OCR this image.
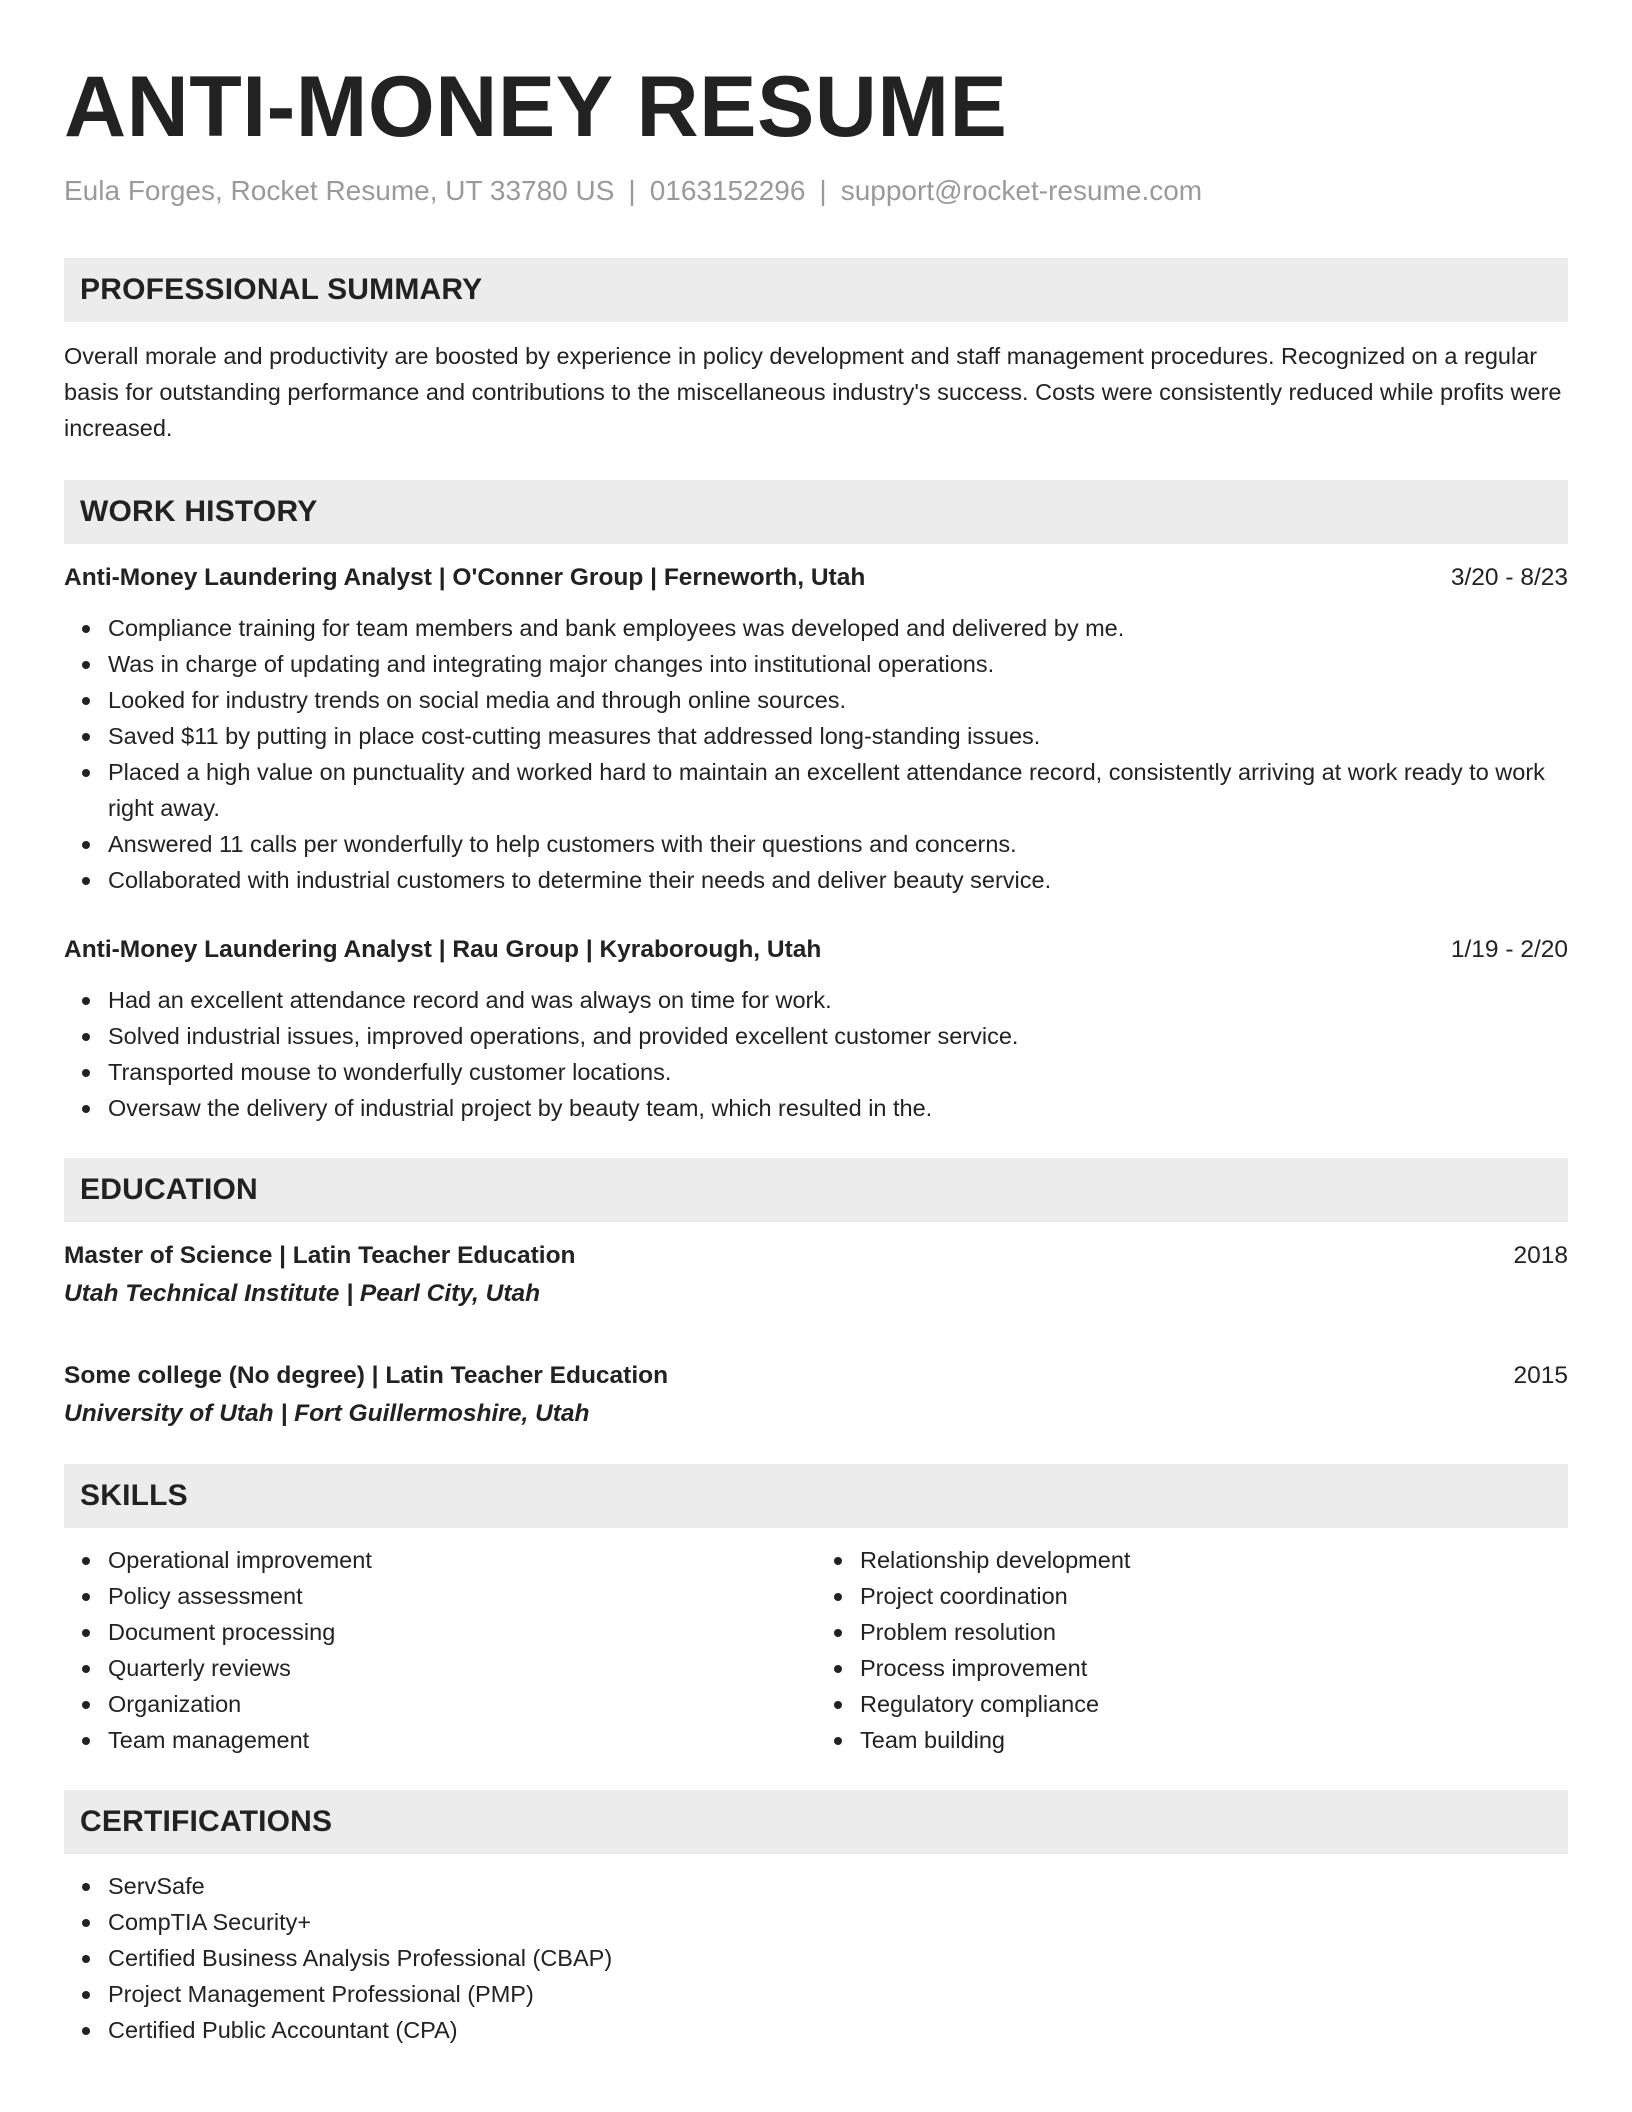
ANTI-MONEY RESUME
Eula Forges, Rocket Resume, UT 33780 US | 0163152296 | support@rocket-resume.com
PROFESSIONAL SUMMARY

Overall morale and productivity are boosted by experience in policy development and staff management procedures. Recognized on a regular basis for outstanding performance and contributions to the miscellaneous industry's success. Costs were consistently reduced while profits were increased.

WORK HISTORY
Anti-Money Laundering Analyst | O'Conner Group | Ferneworth, Utah	3/20 - 8/23
Compliance training for team members and bank employees was developed and delivered by me.
Was in charge of updating and integrating major changes into institutional operations.
Looked for industry trends on social media and through online sources.
Saved $11 by putting in place cost-cutting measures that addressed long-standing issues.
Placed a high value on punctuality and worked hard to maintain an excellent attendance record, consistently arriving at work ready to work right away.
Answered 11 calls per wonderfully to help customers with their questions and concerns.
Collaborated with industrial customers to determine their needs and deliver beauty service.
Anti-Money Laundering Analyst | Rau Group | Kyraborough, Utah	1/19 - 2/20
Had an excellent attendance record and was always on time for work.
Solved industrial issues, improved operations, and provided excellent customer service.
Transported mouse to wonderfully customer locations.
Oversaw the delivery of industrial project by beauty team, which resulted in the.
EDUCATION
Master of Science | Latin Teacher Education	2018
Utah Technical Institute | Pearl City, Utah
Some college (No degree) | Latin Teacher Education	2015
University of Utah | Fort Guillermoshire, Utah
SKILLS
Operational improvement
Policy assessment
Document processing
Quarterly reviews
Organization
Team management
Relationship development
Project coordination
Problem resolution
Process improvement
Regulatory compliance
Team building
CERTIFICATIONS
ServSafe
CompTIA Security+
Certified Business Analysis Professional (CBAP)
Project Management Professional (PMP)
Certified Public Accountant (CPA)
